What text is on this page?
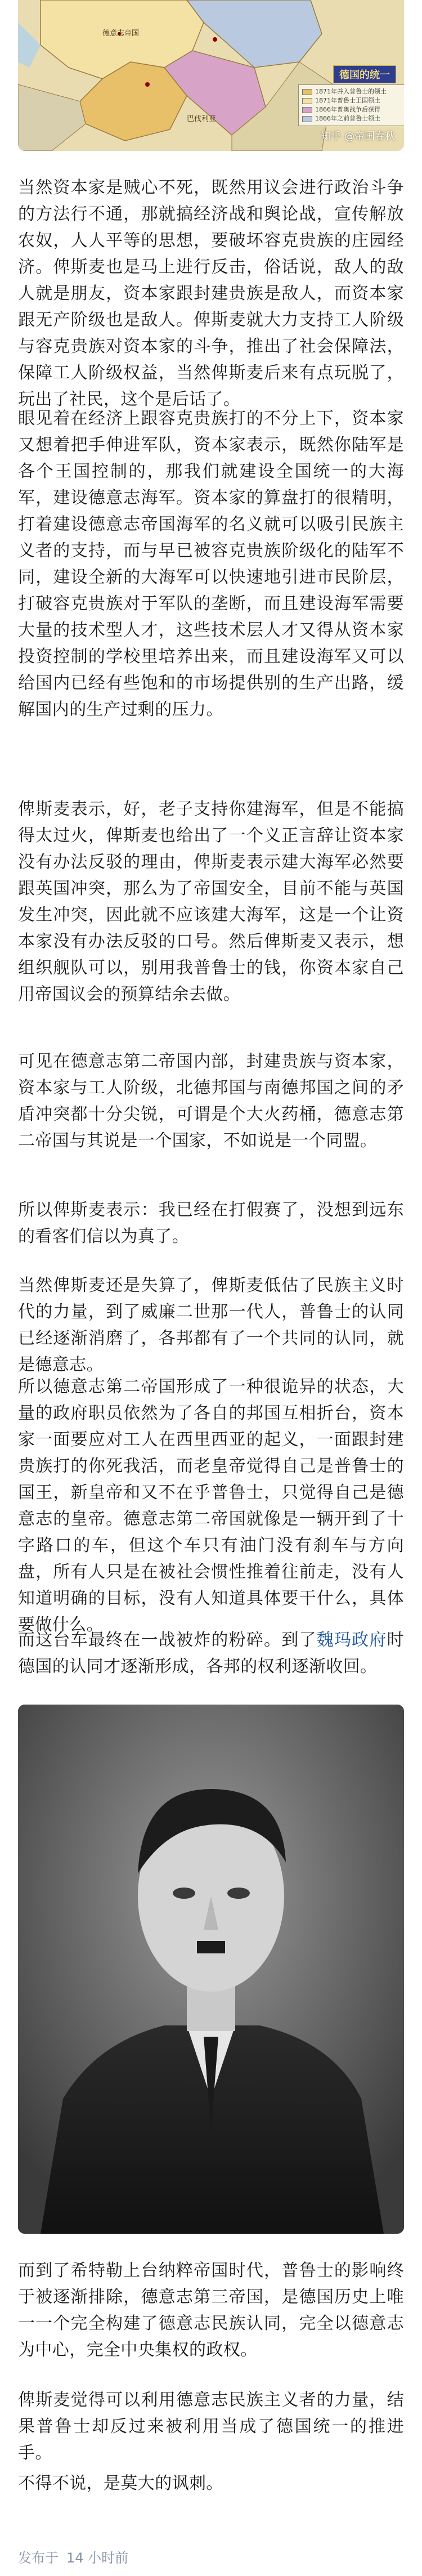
德意志帝国
巴伐利亚
德国的统一
1871年并入普鲁士的领土
1871年普鲁士王国领土
1866年普奥战争后获得
1866年之前普鲁士领土
知乎 @帝国春秋

当然资本家是贼心不死，既然用议会进行政治斗争的方法行不通，那就搞经济战和舆论战，宣传解放农奴，人人平等的思想，要破坏容克贵族的庄园经济。俾斯麦也是马上进行反击，俗话说，敌人的敌人就是朋友，资本家跟封建贵族是敌人，而资本家跟无产阶级也是敌人。俾斯麦就大力支持工人阶级与容克贵族对资本家的斗争，推出了社会保障法，保障工人阶级权益，当然俾斯麦后来有点玩脱了，玩出了社民，这个是后话了。

眼见着在经济上跟容克贵族打的不分上下，资本家又想着把手伸进军队，资本家表示，既然你陆军是各个王国控制的，那我们就建设全国统一的大海军，建设德意志海军。资本家的算盘打的很精明，打着建设德意志帝国海军的名义就可以吸引民族主义者的支持，而与早已被容克贵族阶级化的陆军不同，建设全新的大海军可以快速地引进市民阶层，打破容克贵族对于军队的垄断，而且建设海军需要大量的技术型人才，这些技术层人才又得从资本家投资控制的学校里培养出来，而且建设海军又可以给国内已经有些饱和的市场提供别的生产出路，缓解国内的生产过剩的压力。

俾斯麦表示，好，老子支持你建海军，但是不能搞得太过火，俾斯麦也给出了一个义正言辞让资本家没有办法反驳的理由，俾斯麦表示建大海军必然要跟英国冲突，那么为了帝国安全，目前不能与英国发生冲突，因此就不应该建大海军，这是一个让资本家没有办法反驳的口号。然后俾斯麦又表示，想组织舰队可以，别用我普鲁士的钱，你资本家自己用帝国议会的预算结余去做。

可见在德意志第二帝国内部，封建贵族与资本家，资本家与工人阶级，北德邦国与南德邦国之间的矛盾冲突都十分尖锐，可谓是个大火药桶，德意志第二帝国与其说是一个国家，不如说是一个同盟。

所以俾斯麦表示：我已经在打假赛了，没想到远东的看客们信以为真了。

当然俾斯麦还是失算了，俾斯麦低估了民族主义时代的力量，到了威廉二世那一代人，普鲁士的认同已经逐渐消磨了，各邦都有了一个共同的认同，就是德意志。

所以德意志第二帝国形成了一种很诡异的状态，大量的政府职员依然为了各自的邦国互相折台，资本家一面要应对工人在西里西亚的起义，一面跟封建贵族打的你死我活，而老皇帝觉得自己是普鲁士的国王，新皇帝和又不在乎普鲁士，只觉得自己是德意志的皇帝。德意志第二帝国就像是一辆开到了十字路口的车，但这个车只有油门没有刹车与方向盘，所有人只是在被社会惯性推着往前走，没有人知道明确的目标，没有人知道具体要干什么，具体要做什么。

而这台车最终在一战被炸的粉碎。到了魏玛政府时德国的认同才逐渐形成，各邦的权利逐渐收回。

而到了希特勒上台纳粹帝国时代，普鲁士的影响终于被逐渐排除，德意志第三帝国，是德国历史上唯一一个完全构建了德意志民族认同，完全以德意志为中心，完全中央集权的政权。

俾斯麦觉得可以利用德意志民族主义者的力量，结果普鲁士却反过来被利用当成了德国统一的推进手。

不得不说，是莫大的讽刺。

发布于 14 小时前
